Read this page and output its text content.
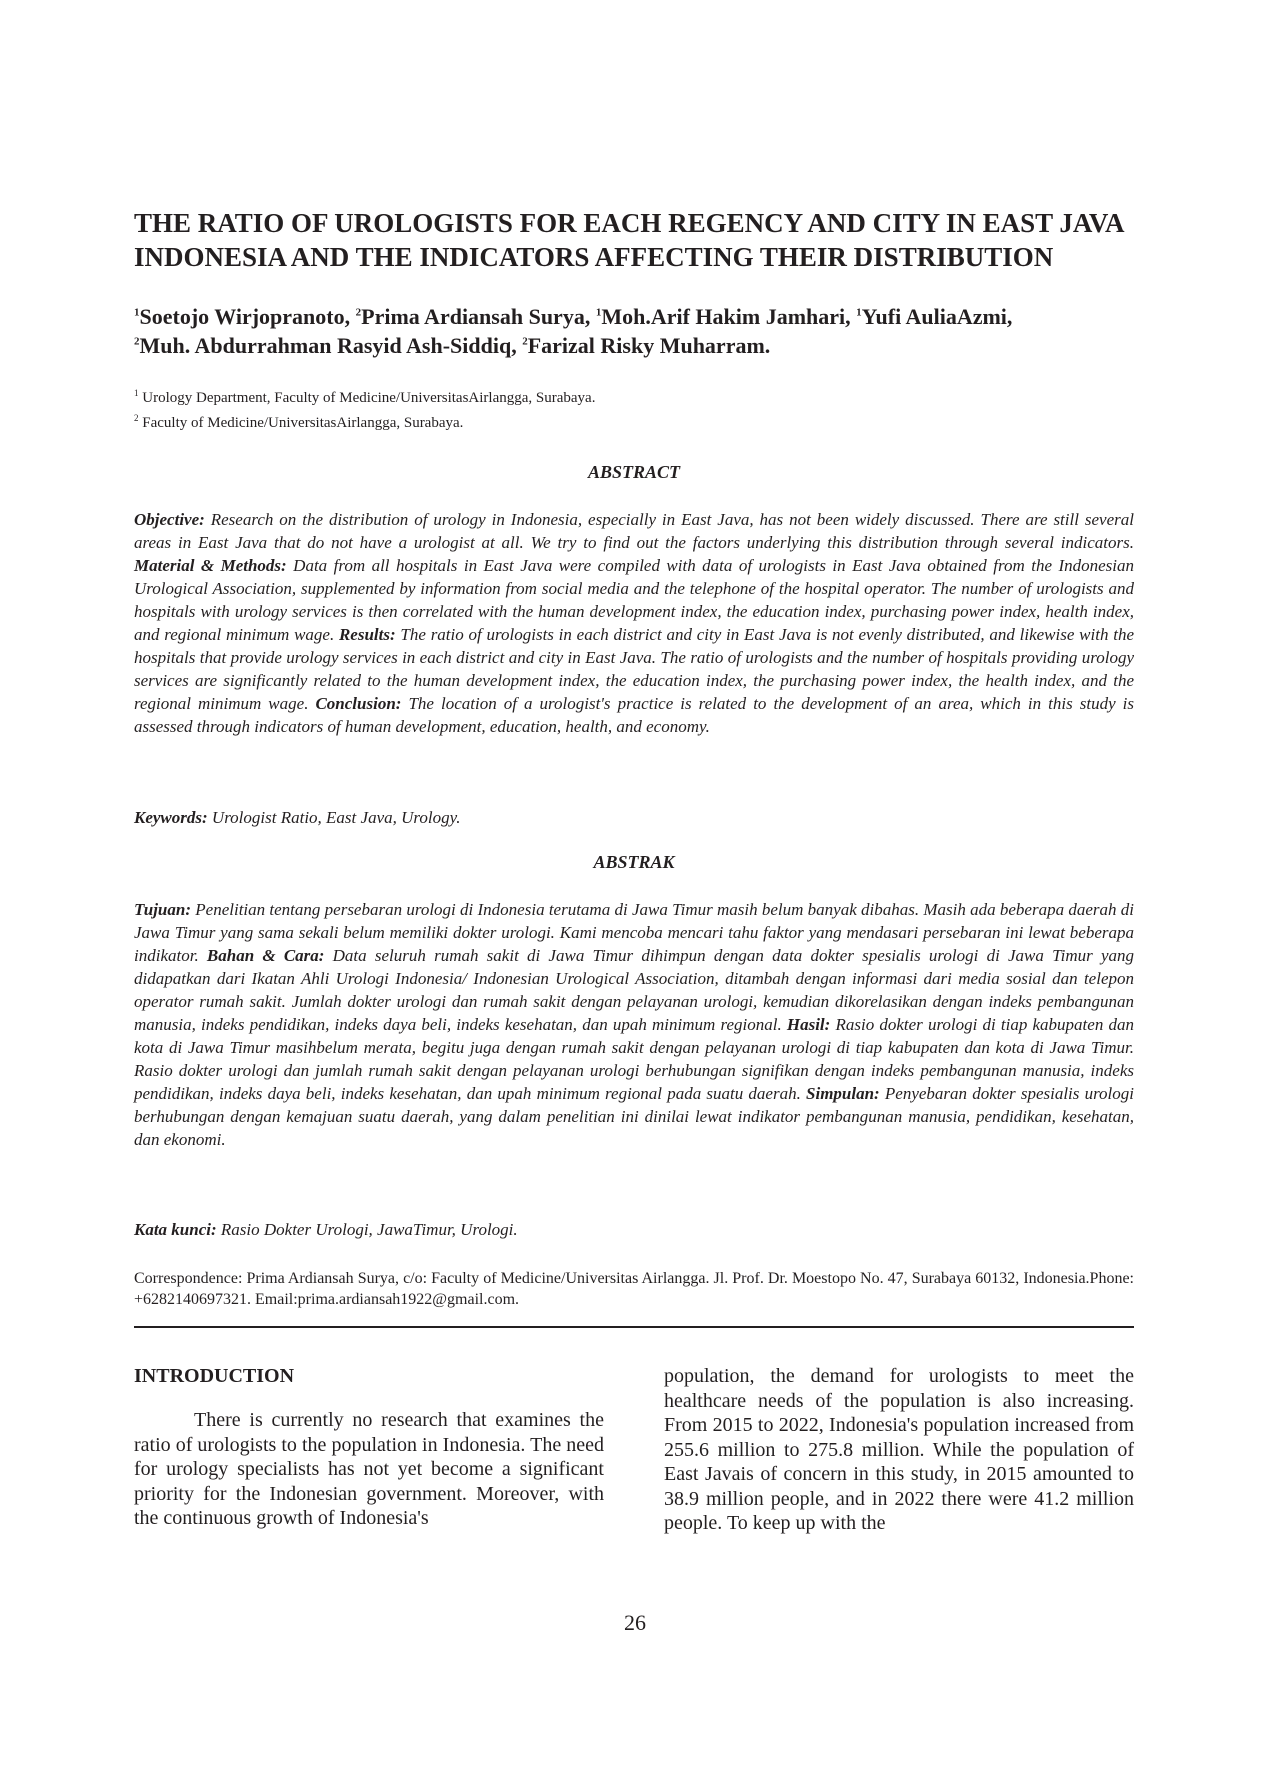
THE RATIO OF UROLOGISTS FOR EACH REGENCY AND CITY IN EAST JAVA
INDONESIA AND THE INDICATORS AFFECTING THEIR DISTRIBUTION

$^1$Soetojo Wirjopranoto, $^2$Prima Ardiansah Surya, $^1$Moh.Arif Hakim Jamhari, $^1$Yufi AuliaAzmi,
$^2$Muh. Abdurrahman Rasyid Ash-Siddiq, $^2$Farizal Risky Muharram.

$^1$ Urology Department, Faculty of Medicine/UniversitasAirlangga, Surabaya.
$^2$ Faculty of Medicine/UniversitasAirlangga, Surabaya.
ABSTRACT

Objective: Research on the distribution of urology in Indonesia, especially in East Java, has not been widely discussed. There are still several areas in East Java that do not have a urologist at all. We try to find out the factors underlying this distribution through several indicators. Material & Methods: Data from all hospitals in East Java were compiled with data of urologists in East Java obtained from the Indonesian Urological Association, supplemented by information from social media and the telephone of the hospital operator. The number of urologists and hospitals with urology services is then correlated with the human development index, the education index, purchasing power index, health index, and regional minimum wage. Results: The ratio of urologists in each district and city in East Java is not evenly distributed, and likewise with the hospitals that provide urology services in each district and city in East Java. The ratio of urologists and the number of hospitals providing urology services are significantly related to the human development index, the education index, the purchasing power index, the health index, and the regional minimum wage. Conclusion: The location of a urologist's practice is related to the development of an area, which in this study is assessed through indicators of human development, education, health, and economy.

Keywords: Urologist Ratio, East Java, Urology.

ABSTRAK

Tujuan: Penelitian tentang persebaran urologi di Indonesia terutama di Jawa Timur masih belum banyak dibahas. Masih ada beberapa daerah di Jawa Timur yang sama sekali belum memiliki dokter urologi. Kami mencoba mencari tahu faktor yang mendasari persebaran ini lewat beberapa indikator. Bahan & Cara: Data seluruh rumah sakit di Jawa Timur dihimpun dengan data dokter spesialis urologi di Jawa Timur yang didapatkan dari Ikatan Ahli Urologi Indonesia/ Indonesian Urological Association, ditambah dengan informasi dari media sosial dan telepon operator rumah sakit. Jumlah dokter urologi dan rumah sakit dengan pelayanan urologi, kemudian dikorelasikan dengan indeks pembangunan manusia, indeks pendidikan, indeks daya beli, indeks kesehatan, dan upah minimum regional. Hasil: Rasio dokter urologi di tiap kabupaten dan kota di Jawa Timur masihbelum merata, begitu juga dengan rumah sakit dengan pelayanan urologi di tiap kabupaten dan kota di Jawa Timur. Rasio dokter urologi dan jumlah rumah sakit dengan pelayanan urologi berhubungan signifikan dengan indeks pembangunan manusia, indeks pendidikan, indeks daya beli, indeks kesehatan, dan upah minimum regional pada suatu daerah. Simpulan: Penyebaran dokter spesialis urologi berhubungan dengan kemajuan suatu daerah, yang dalam penelitian ini dinilai lewat indikator pembangunan manusia, pendidikan, kesehatan, dan ekonomi.

Kata kunci: Rasio Dokter Urologi, JawaTimur, Urologi.

Correspondence: Prima Ardiansah Surya, c/o: Faculty of Medicine/Universitas Airlangga. Jl. Prof. Dr. Moestopo No. 47, Surabaya 60132, Indonesia.Phone: +6282140697321. Email:prima.ardiansah1922@gmail.com.

INTRODUCTION

There is currently no research that examines the ratio of urologists to the population in Indonesia. The need for urology specialists has not yet become a significant priority for the Indonesian government. Moreover, with the continuous growth of Indonesia's

population, the demand for urologists to meet the healthcare needs of the population is also increasing. From 2015 to 2022, Indonesia's population increased from 255.6 million to 275.8 million. While the population of East Javais of concern in this study, in 2015 amounted to 38.9 million people, and in 2022 there were 41.2 million people. To keep up with the

26
